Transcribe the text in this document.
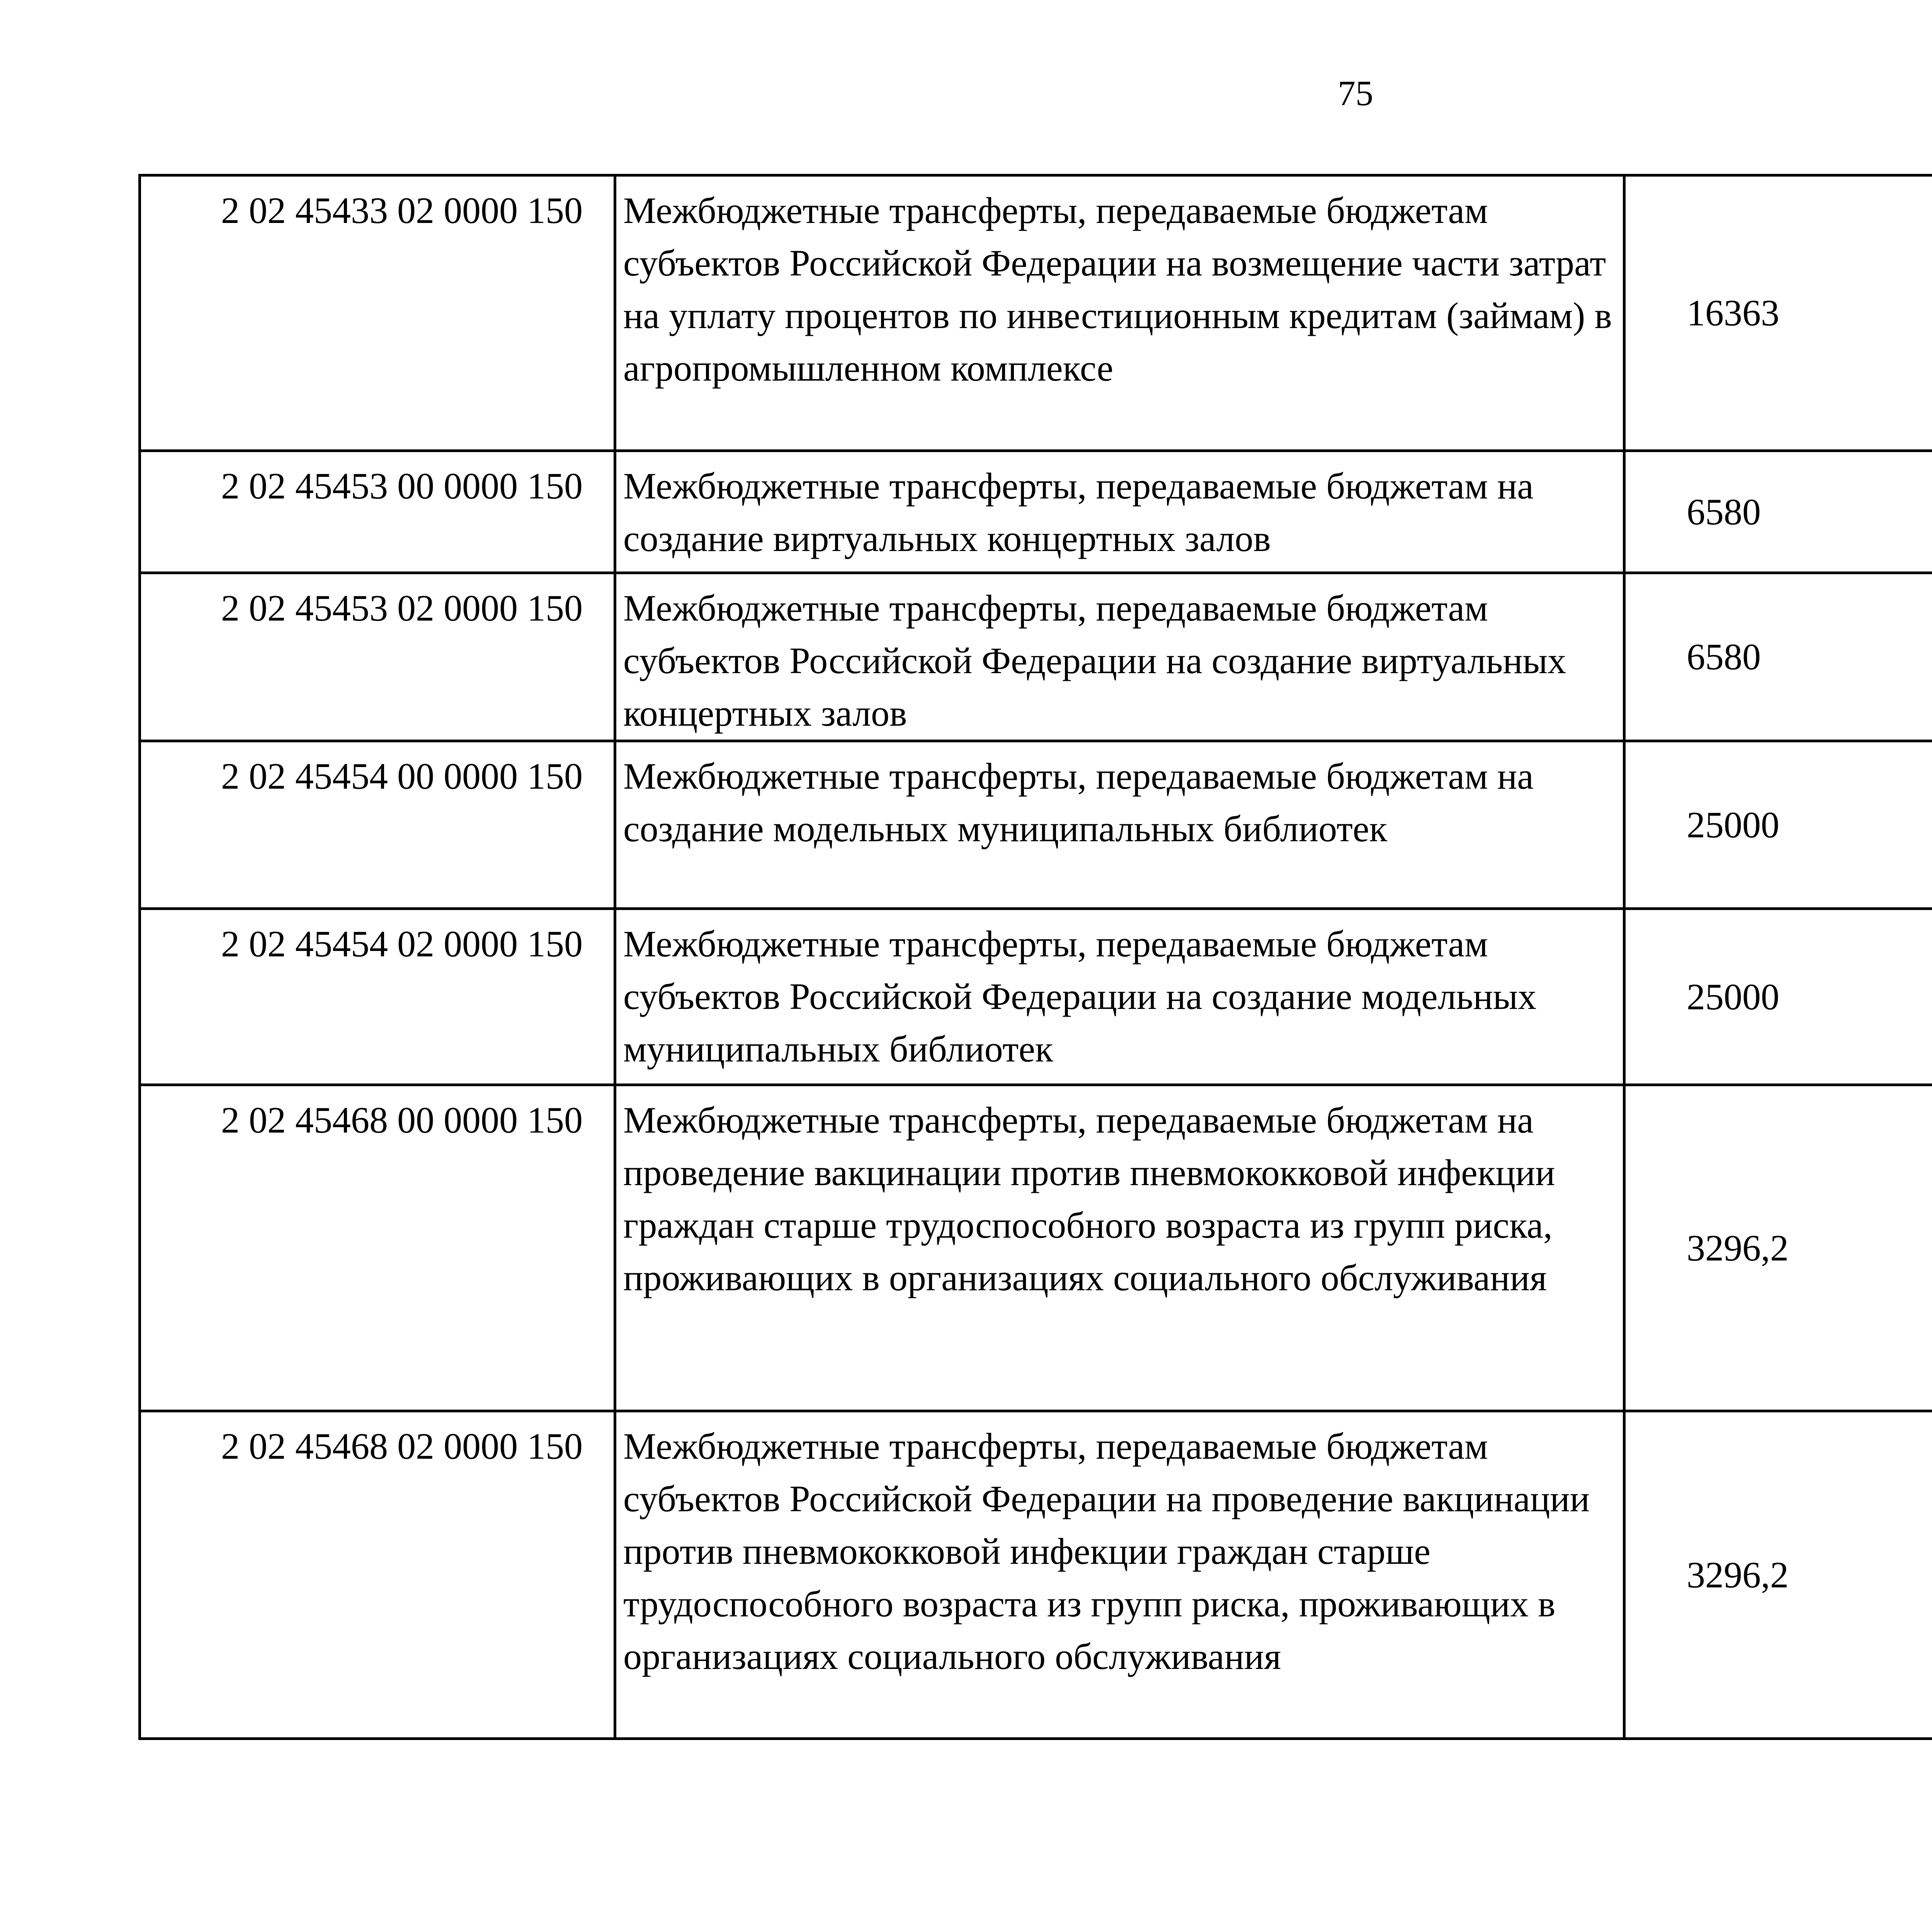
75
2 02 45433 02 0000 150	Межбюджетные трансферты, передаваемые бюджетам субъектов Российской Федерации на возмещение части затрат на уплату процентов по инвестиционным кредитам (займам) в агропромышленном комплексе	16363		
2 02 45453 00 0000 150	Межбюджетные трансферты, передаваемые бюджетам на создание виртуальных концертных залов	6580		
2 02 45453 02 0000 150	Межбюджетные трансферты, передаваемые бюджетам субъектов Российской Федерации на создание виртуальных концертных залов	6580		
2 02 45454 00 0000 150	Межбюджетные трансферты, передаваемые бюджетам на создание модельных муниципальных библиотек	25000		
2 02 45454 02 0000 150	Межбюджетные трансферты, передаваемые бюджетам субъектов Российской Федерации на создание модельных муниципальных библиотек	25000		
2 02 45468 00 0000 150	Межбюджетные трансферты, передаваемые бюджетам на проведение вакцинации против пневмококковой инфекции граждан старше трудоспособного возраста из групп риска, проживающих в организациях социального обслуживания	3296,2		
2 02 45468 02 0000 150	Межбюджетные трансферты, передаваемые бюджетам субъектов Российской Федерации на проведение вакцинации против пневмококковой инфекции граждан старше трудоспособного возраста из групп риска, проживающих в организациях социального обслуживания	3296,2		
